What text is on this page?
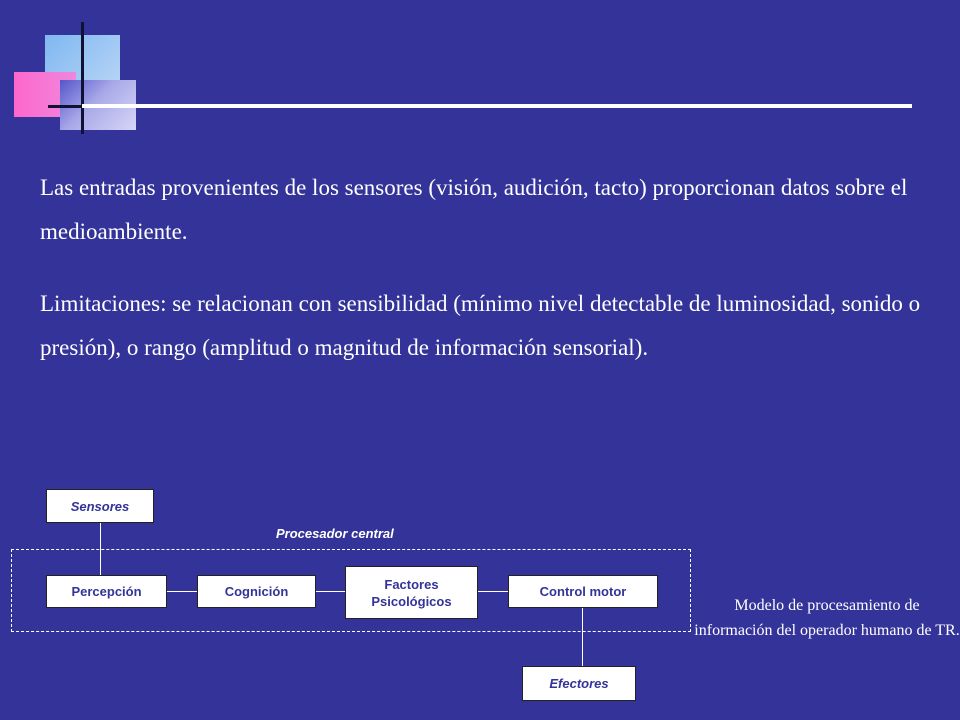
Las entradas provenientes de los sensores (visión, audición, tacto) proporcionan datos sobre el medioambiente.

Limitaciones: se relacionan con sensibilidad (mínimo nivel detectable de luminosidad, sonido o presión), o rango (amplitud o magnitud de información sensorial).

Procesador central
Sensores
Percepción	Cognición	Factores
Psicológicos
Control motor
Efectores
Modelo de procesamiento de información del operador humano de TR.
